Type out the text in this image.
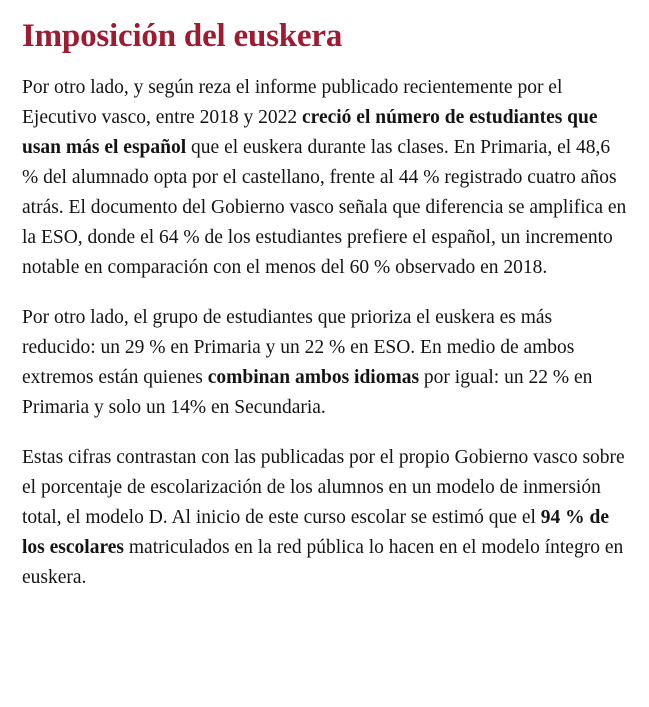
Imposición del euskera

Por otro lado, y según reza el informe publicado recientemente por el Ejecutivo vasco, entre 2018 y 2022 creció el número de estudiantes que usan más el español que el euskera durante las clases. En Primaria, el 48,6 % del alumnado opta por el castellano, frente al 44 % registrado cuatro años atrás. El documento del Gobierno vasco señala que diferencia se amplifica en la ESO, donde el 64 % de los estudiantes prefiere el español, un incremento notable en comparación con el menos del 60 % observado en 2018.

Por otro lado, el grupo de estudiantes que prioriza el euskera es más reducido: un 29 % en Primaria y un 22 % en ESO. En medio de ambos extremos están quienes combinan ambos idiomas por igual: un 22 % en Primaria y solo un 14% en Secundaria.

Estas cifras contrastan con las publicadas por el propio Gobierno vasco sobre el porcentaje de escolarización de los alumnos en un modelo de inmersión total, el modelo D. Al inicio de este curso escolar se estimó que el 94 % de los escolares matriculados en la red pública lo hacen en el modelo íntegro en euskera.
